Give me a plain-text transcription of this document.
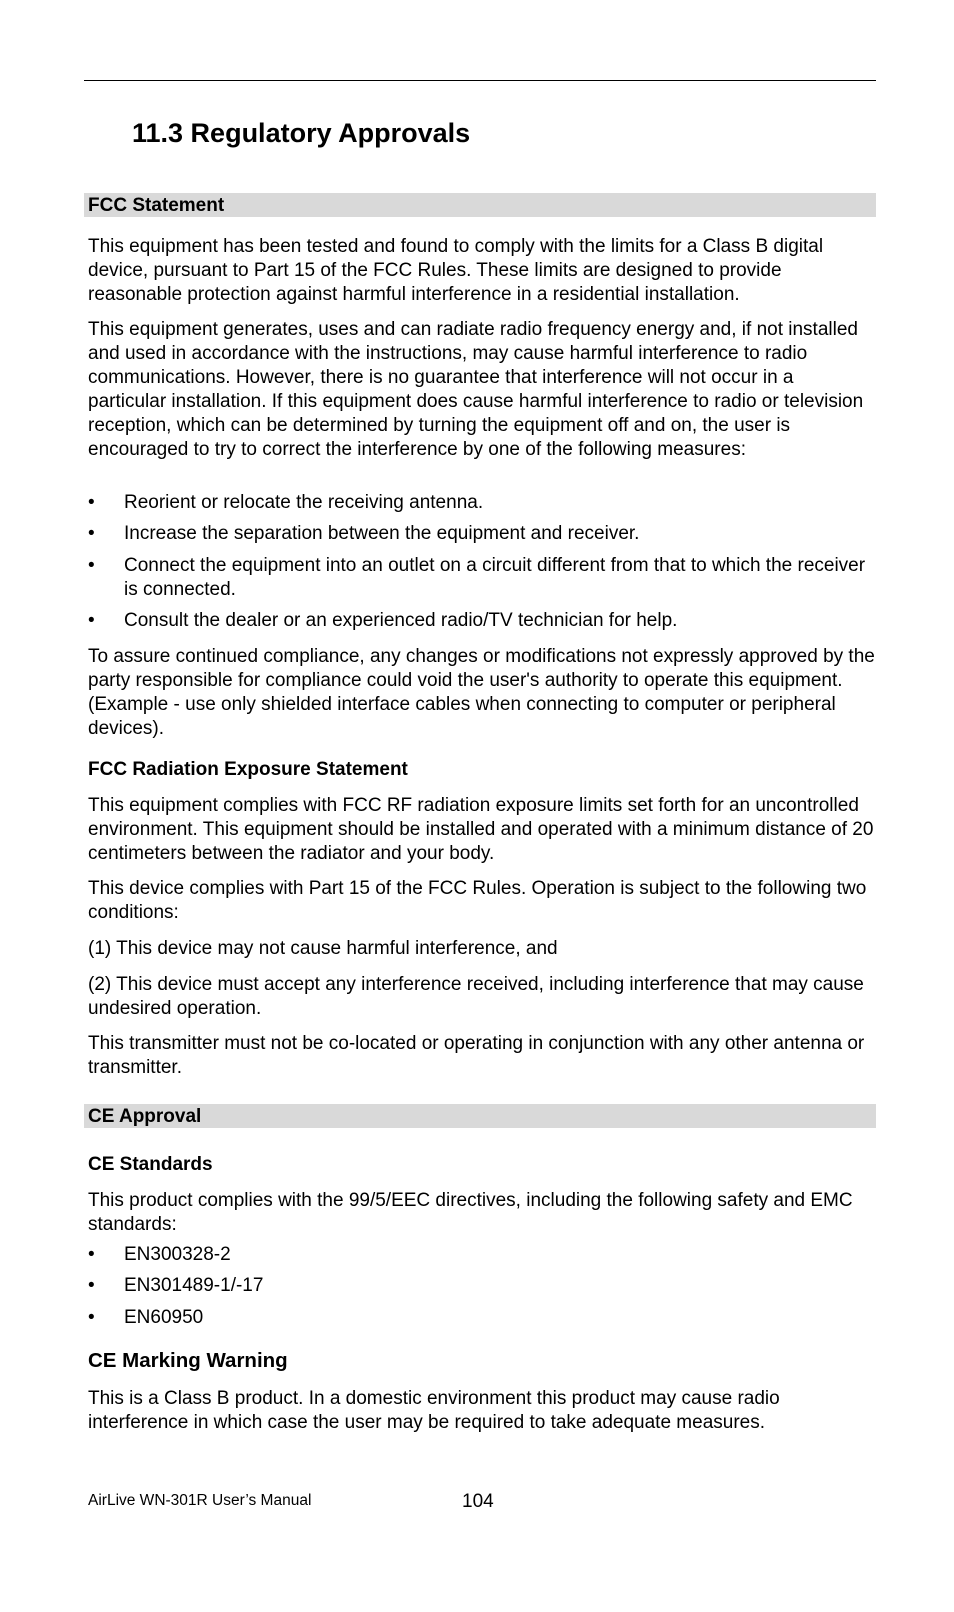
11.3 Regulatory Approvals
FCC Statement

This equipment has been tested and found to comply with the limits for a Class B digital device, pursuant to Part 15 of the FCC Rules. These limits are designed to provide reasonable protection against harmful interference in a residential installation.

This equipment generates, uses and can radiate radio frequency energy and, if not installed and used in accordance with the instructions, may cause harmful interference to radio communications. However, there is no guarantee that interference will not occur in a particular installation. If this equipment does cause harmful interference to radio or television reception, which can be determined by turning the equipment off and on, the user is encouraged to try to correct the interference by one of the following measures:

• Reorient or relocate the receiving antenna.
• Increase the separation between the equipment and receiver.
• Connect the equipment into an outlet on a circuit different from that to which the receiver is connected.
• Consult the dealer or an experienced radio/TV technician for help.

To assure continued compliance, any changes or modifications not expressly approved by the party responsible for compliance could void the user's authority to operate this equipment. (Example - use only shielded interface cables when connecting to computer or peripheral devices).

FCC Radiation Exposure Statement

This equipment complies with FCC RF radiation exposure limits set forth for an uncontrolled environment. This equipment should be installed and operated with a minimum distance of 20 centimeters between the radiator and your body.

This device complies with Part 15 of the FCC Rules. Operation is subject to the following two conditions:

(1) This device may not cause harmful interference, and

(2) This device must accept any interference received, including interference that may cause undesired operation.

This transmitter must not be co-located or operating in conjunction with any other antenna or transmitter.

CE Approval

CE Standards

This product complies with the 99/5/EEC directives, including the following safety and EMC standards:

• EN300328-2
• EN301489-1/-17
• EN60950

CE Marking Warning

This is a Class B product. In a domestic environment this product may cause radio interference in which case the user may be required to take adequate measures.

AirLive WN-301R User’s Manual	104
